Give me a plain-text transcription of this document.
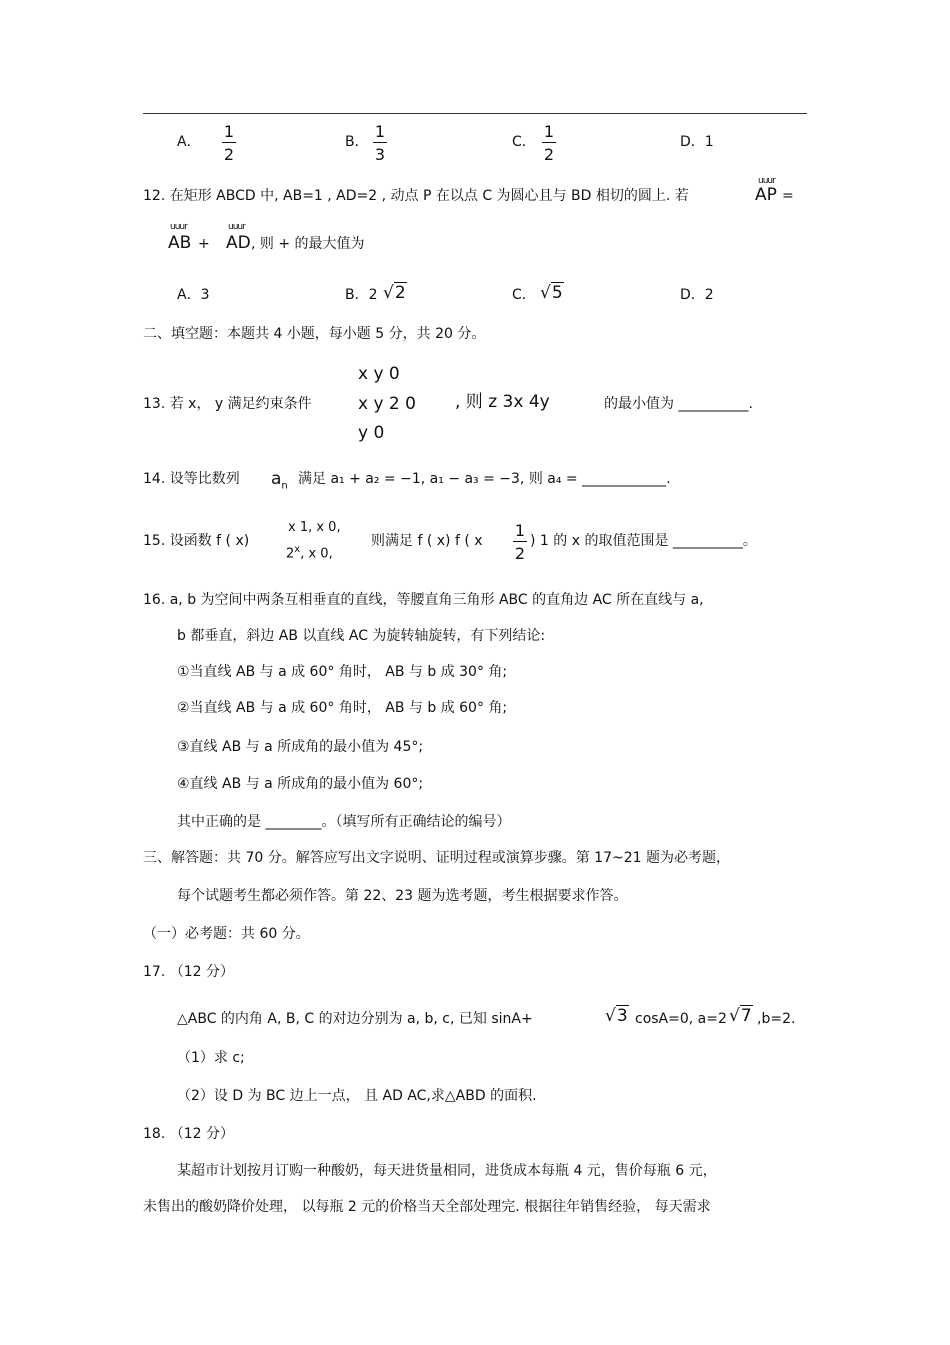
A．
1
2
B．
1
3
C．
1
2
D．1
12. 在矩形 ABCD 中, AB=1 , AD=2 , 动点 P 在以点 C 为圆心且与 BD 相切的圆上. 若
uuur
AP =
uuur
AB +
uuur
AD , 则 + 的最大值为
A．3	B．2 √2	C． √5	D．2
二、填空题：本题共 4 小题，每小题 5 分，共 20 分。
x y 0
x y 2 0
y 0
13. 若 x， y 满足约束条件	, 则 z 3x 4y	的最小值为 __________.
14. 设等比数列 $a_n$ 满足 a₁ + a₂ = −1, a₁ − a₃ = −3, 则 a₄ = ____________.
15. 设函数 f ( x)
x 1, x 0,
2$^x$, x 0,
则满足 f ( x) f ( x
1
2
) 1 的 x 的取值范围是 __________。
16. a, b 为空间中两条互相垂直的直线，等腰直角三角形 ABC 的直角边 AC 所在直线与 a,
b 都垂直，斜边 AB 以直线 AC 为旋转轴旋转，有下列结论:
①当直线 AB 与 a 成 60° 角时， AB 与 b 成 30° 角;
②当直线 AB 与 a 成 60° 角时， AB 与 b 成 60° 角;
③直线 AB 与 a 所成角的最小值为 45°;
④直线 AB 与 a 所成角的最小值为 60°;
其中正确的是 ________。（填写所有正确结论的编号）
三、解答题：共 70 分。解答应写出文字说明、证明过程或演算步骤。第 17~21 题为必考题，
每个试题考生都必须作答。第 22、23 题为选考题，考生根据要求作答。
（一）必考题：共 60 分。
17. （12 分）
△ABC 的内角 A, B, C 的对边分别为 a, b, c, 已知 sinA+	√3 cosA=0, a=2 √7 ,b=2.
（1）求 c;
（2）设 D 为 BC 边上一点， 且 AD AC,求△ABD 的面积.
18. （12 分）
某超市计划按月订购一种酸奶，每天进货量相同，进货成本每瓶 4 元，售价每瓶 6 元，
未售出的酸奶降价处理， 以每瓶 2 元的价格当天全部处理完. 根据往年销售经验， 每天需求
